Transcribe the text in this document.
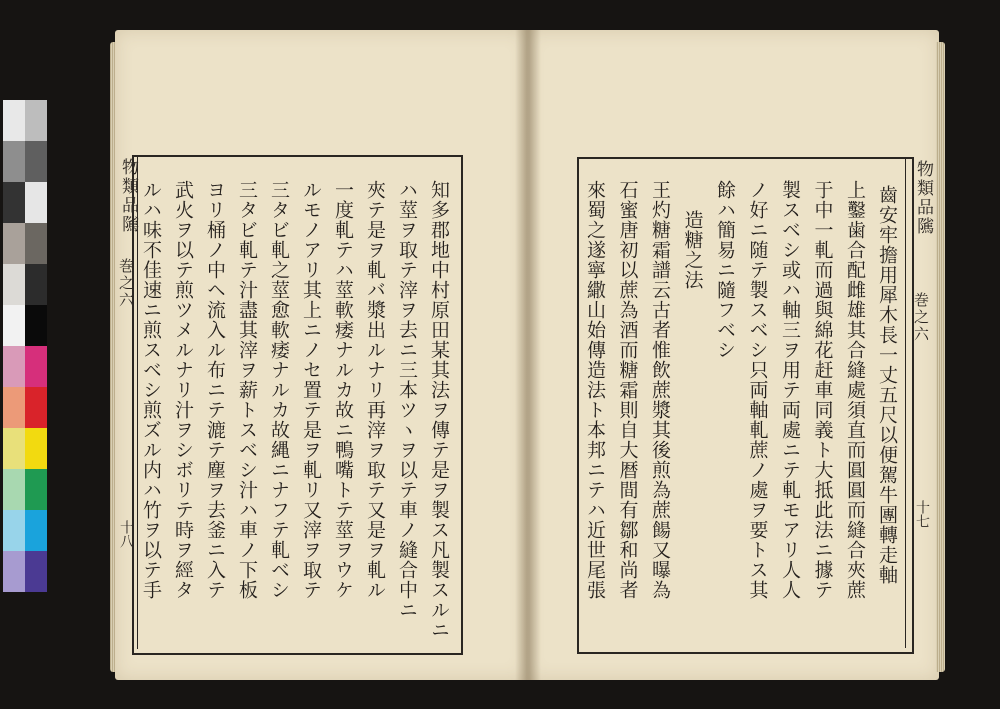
物類品隲
巻之六
十八	知多郡地中村原田某其法ヲ傳テ是ヲ製ス凡製スルニ
ハ莖ヲ取テ滓ヲ去ニ三本ツヽヲ以テ車ノ縫合中ニ
夾テ是ヲ軋バ漿出ルナリ再滓ヲ取テ又是ヲ軋ル
一度軋テハ莖軟痿ナルカ故ニ鴨嘴トテ莖ヲウケ
ルモノアリ其上ニノセ置テ是ヲ軋リ又滓ヲ取テ
三タビ軋之莖愈軟痿ナルカ故縄ニナフテ軋ベシ
三タビ軋テ汁盡其滓ヲ薪トスベシ汁ハ車ノ下板
ヨリ桶ノ中ヘ流入ル布ニテ漉テ塵ヲ去釜ニ入テ
武火ヲ以テ煎ツメルナリ汁ヲシボリテ時ヲ經タ
ルハ味不佳速ニ煎スベシ煎ズル内ハ竹ヲ以テ手	物類品隲
巻之六
十七
齒安牢擔用犀木長一丈五尺以便駕牛團轉走軸
上鑿歯合配雌雄其合縫處須直而圓圓而縫合夾蔗
于中一軋而過與綿花赶車同義ト大抵此法ニ據テ
製スベシ或ハ軸三ヲ用テ両處ニテ軋モアリ人人
ノ好ニ随テ製スベシ只両軸軋蔗ノ處ヲ要トス其
餘ハ簡易ニ隨フベシ
造糖之法
王灼糖霜譜云古者惟飲蔗漿其後煎為蔗餳又曝為
石蜜唐初以蔗為酒而糖霜則自大暦間有鄒和尚者
來蜀之遂寧繖山始傳造法ト本邦ニテハ近世尾張
